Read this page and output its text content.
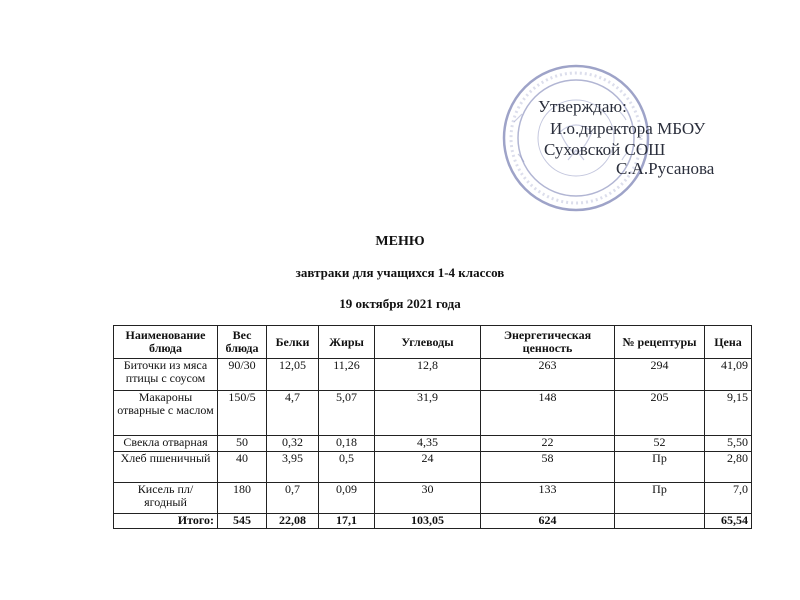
Утверждаю:
И.о.директора МБОУ
Суховской СОШ
С.А.Русанова
МЕНЮ
завтраки для учащихся 1-4 классов
19 октября 2021 года
Наименование блюда	Вес блюда	Белки	Жиры	Углеводы	Энергетическая ценность	№ рецептуры	Цена
Биточки из мяса птицы с соусом	90/30	12,05	11,26	12,8	263	294	41,09
Макароны отварные с маслом	150/5	4,7	5,07	31,9	148	205	9,15
Свекла отварная	50	0,32	0,18	4,35	22	52	5,50
Хлеб пшеничный	40	3,95	0,5	24	58	Пр	2,80
Кисель пл/ягодный	180	0,7	0,09	30	133	Пр	7,0
Итого:	545	22,08	17,1	103,05	624		65,54
